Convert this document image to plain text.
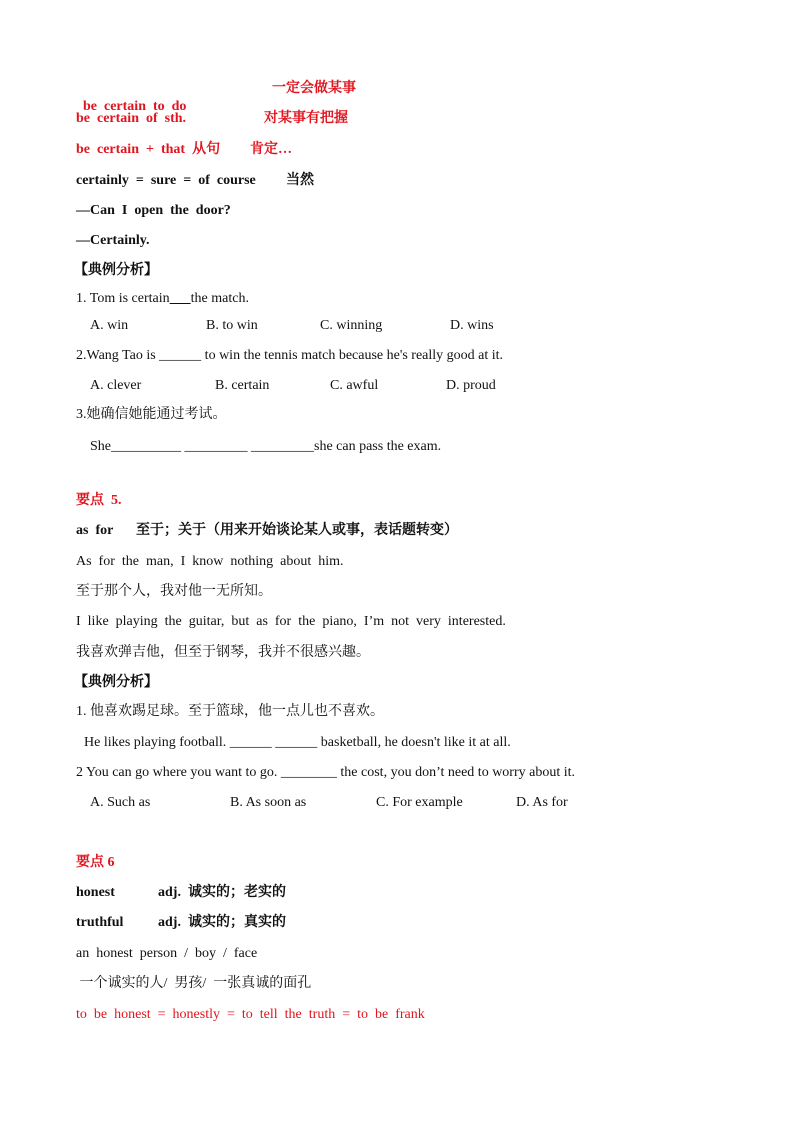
be  certain  to  do

一定会做某事
be  certain  of  sth.	对某事有把握
be  certain  +  that  从句 肯定…
certainly  =  sure  =  of  course 当然
—Can  I  open  the  door?
—Certainly.
【典例分析】
1. Tom is certain the match.
A. win	B. to win	C. winning	D. wins
2.Wang Tao is ______ to win the tennis match because he's really good at it.
A. clever	B. certain	C. awful	D. proud
3.她确信她能通过考试。
She__________ _________ _________she can pass the exam.
要点  5.
as  for 至于；关于（用来开始谈论某人或事，表话题转变）
As  for  the  man,  I  know  nothing  about  him.
至于那个人，我对他一无所知。
I  like  playing  the  guitar,  but  as  for  the  piano,  I’m  not  very  interested.
我喜欢弹吉他，但至于钢琴，我并不很感兴趣。
【典例分析】
1. 他喜欢踢足球。至于篮球，他一点儿也不喜欢。
He likes playing football. ______ ______ basketball, he doesn't like it at all.
2 You can go where you want to go. ________ the cost, you don’t need to worry about it.
A. Such as	B. As soon as	C. For example	D. As for
要点 6
honest	adj.  诚实的；老实的
truthful adj.  诚实的；真实的
an  honest  person  /  boy  /  face
一个诚实的人/  男孩/  一张真诚的面孔
to  be  honest  =  honestly  =  to  tell  the  truth  =  to  be  frank
